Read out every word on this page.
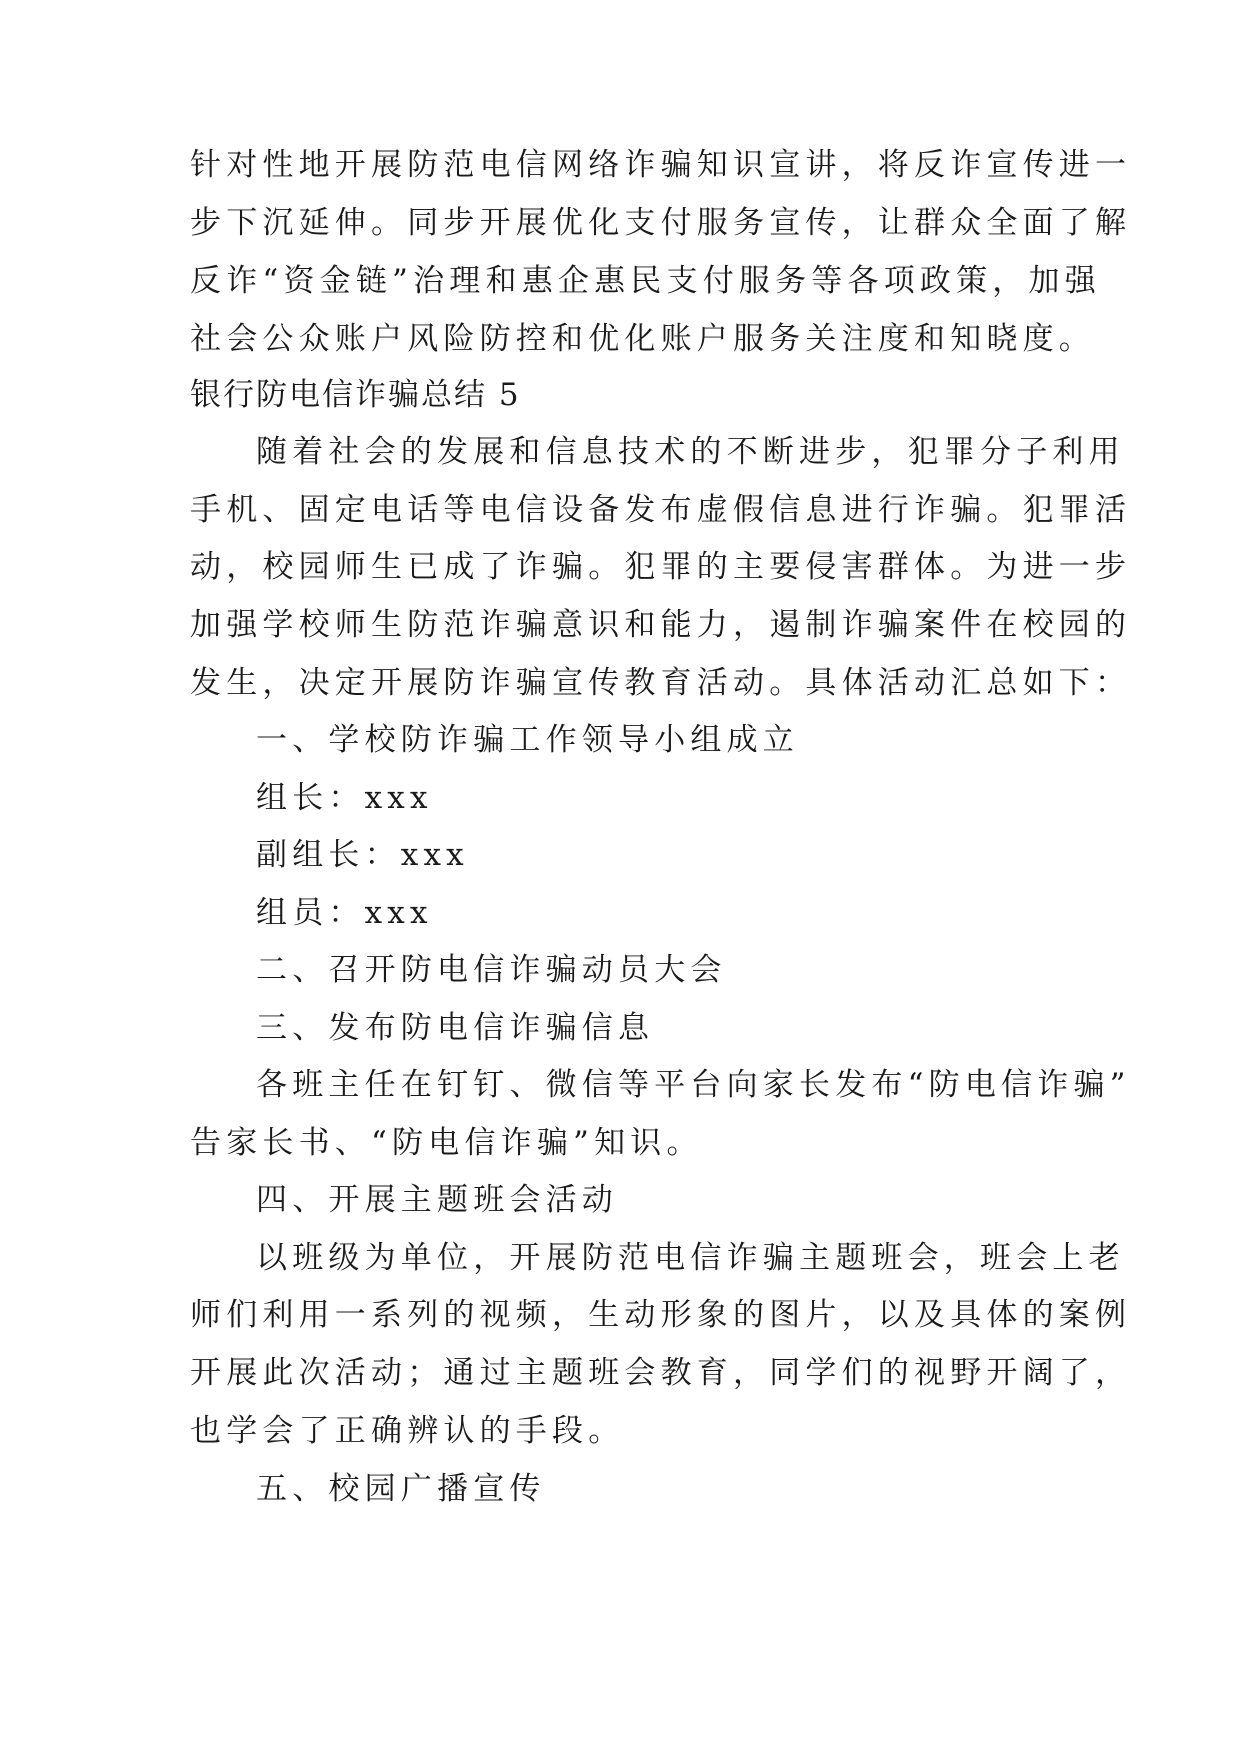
针对性地开展防范电信网络诈骗知识宣讲，将反诈宣传进一
步下沉延伸。同步开展优化支付服务宣传，让群众全面了解
反诈“资金链”治理和惠企惠民支付服务等各项政策，加强
社会公众账户风险防控和优化账户服务关注度和知晓度。
银行防电信诈骗总结 5
随着社会的发展和信息技术的不断进步，犯罪分子利用
手机、固定电话等电信设备发布虚假信息进行诈骗。犯罪活
动，校园师生已成了诈骗。犯罪的主要侵害群体。为进一步
加强学校师生防范诈骗意识和能力，遏制诈骗案件在校园的
发生，决定开展防诈骗宣传教育活动。具体活动汇总如下：
一、学校防诈骗工作领导小组成立
组长：xxx
副组长：xxx
组员：xxx
二、召开防电信诈骗动员大会
三、发布防电信诈骗信息
各班主任在钉钉、微信等平台向家长发布“防电信诈骗”
告家长书、“防电信诈骗”知识。
四、开展主题班会活动
以班级为单位，开展防范电信诈骗主题班会，班会上老
师们利用一系列的视频，生动形象的图片，以及具体的案例
开展此次活动；通过主题班会教育，同学们的视野开阔了，
也学会了正确辨认的手段。
五、校园广播宣传
